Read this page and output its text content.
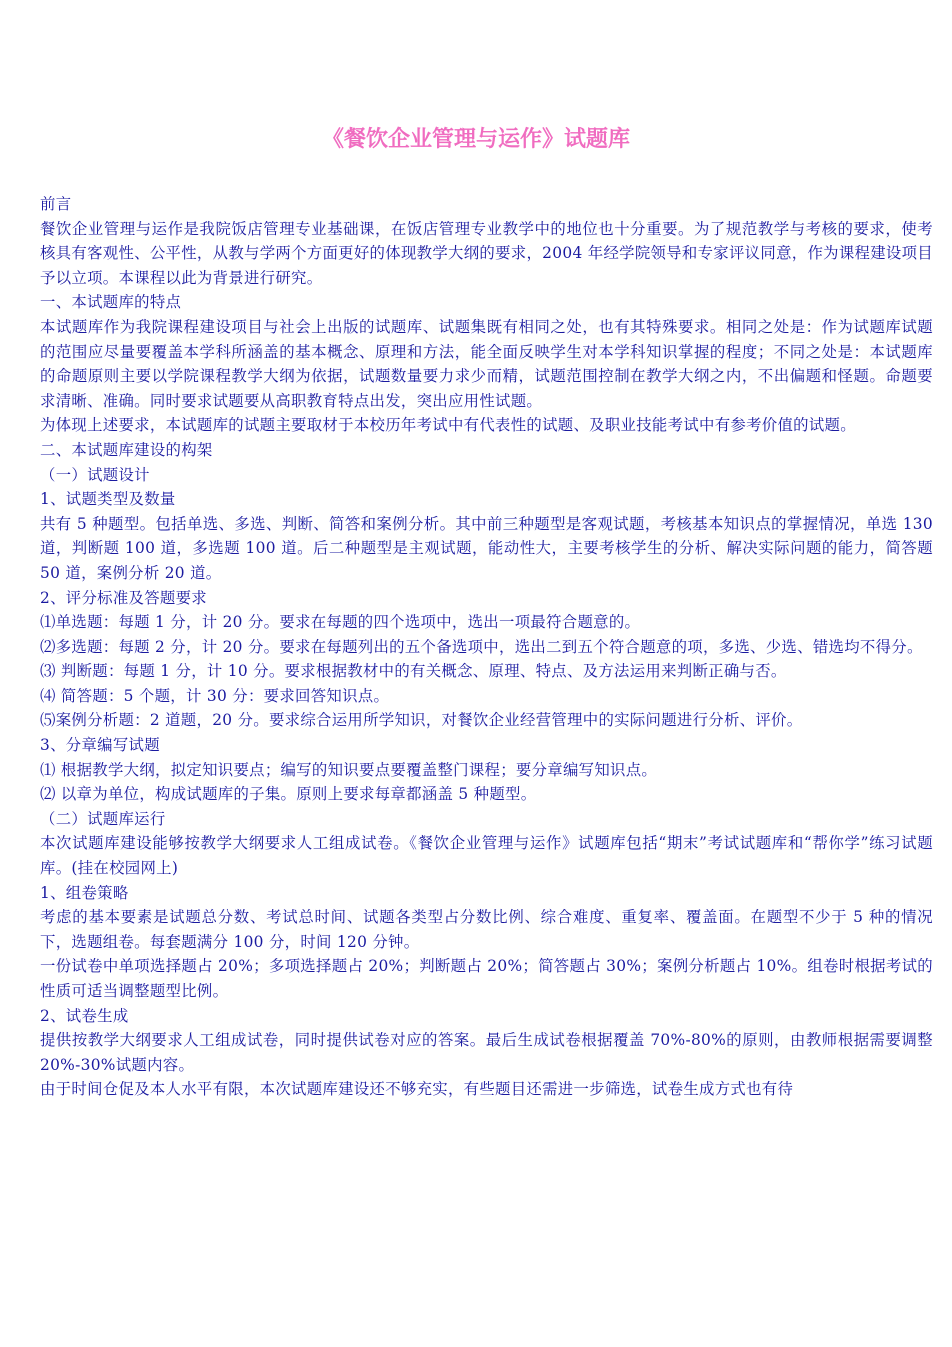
《餐饮企业管理与运作》试题库

前言

餐饮企业管理与运作是我院饭店管理专业基础课，在饭店管理专业教学中的地位也十分重要。为了规范教学与考核的要求，使考核具有客观性、公平性，从教与学两个方面更好的体现教学大纲的要求，2004 年经学院领导和专家评议同意，作为课程建设项目予以立项。本课程以此为背景进行研究。

一、本试题库的特点

本试题库作为我院课程建设项目与社会上出版的试题库、试题集既有相同之处，也有其特殊要求。相同之处是：作为试题库试题的范围应尽量要覆盖本学科所涵盖的基本概念、原理和方法，能全面反映学生对本学科知识掌握的程度；不同之处是：本试题库的命题原则主要以学院课程教学大纲为依据，试题数量要力求少而精，试题范围控制在教学大纲之内，不出偏题和怪题。命题要求清晰、准确。同时要求试题要从高职教育特点出发，突出应用性试题。

为体现上述要求，本试题库的试题主要取材于本校历年考试中有代表性的试题、及职业技能考试中有参考价值的试题。

二、本试题库建设的构架

（一）试题设计

1、试题类型及数量

共有 5 种题型。包括单选、多选、判断、简答和案例分析。其中前三种题型是客观试题，考核基本知识点的掌握情况，单选 130 道，判断题 100 道，多选题 100 道。后二种题型是主观试题，能动性大，主要考核学生的分析、解决实际问题的能力，简答题 50 道，案例分析 20 道。

2、评分标准及答题要求

⑴单选题：每题 1 分，计 20 分。要求在每题的四个选项中，选出一项最符合题意的。

⑵多选题：每题 2 分，计 20 分。要求在每题列出的五个备选项中，选出二到五个符合题意的项，多选、少选、错选均不得分。

⑶ 判断题：每题 1 分，计 10 分。要求根据教材中的有关概念、原理、特点、及方法运用来判断正确与否。

⑷ 简答题：5 个题，计 30 分：要求回答知识点。

⑸案例分析题：2 道题，20 分。要求综合运用所学知识，对餐饮企业经营管理中的实际问题进行分析、评价。

3、分章编写试题

⑴ 根据教学大纲，拟定知识要点；编写的知识要点要覆盖整门课程；要分章编写知识点。

⑵ 以章为单位，构成试题库的子集。原则上要求每章都涵盖 5 种题型。

（二）试题库运行

本次试题库建设能够按教学大纲要求人工组成试卷。《餐饮企业管理与运作》试题库包括“期末”考试试题库和“帮你学”练习试题库。(挂在校园网上)

1、组卷策略

考虑的基本要素是试题总分数、考试总时间、试题各类型占分数比例、综合难度、重复率、覆盖面。在题型不少于 5 种的情况下，选题组卷。每套题满分 100 分，时间 120 分钟。

一份试卷中单项选择题占 20%；多项选择题占 20%；判断题占 20%；简答题占 30%；案例分析题占 10%。组卷时根据考试的性质可适当调整题型比例。

2、试卷生成

提供按教学大纲要求人工组成试卷，同时提供试卷对应的答案。最后生成试卷根据覆盖 70%-80%的原则，由教师根据需要调整 20%-30%试题内容。

由于时间仓促及本人水平有限，本次试题库建设还不够充实，有些题目还需进一步筛选，试卷生成方式也有待
